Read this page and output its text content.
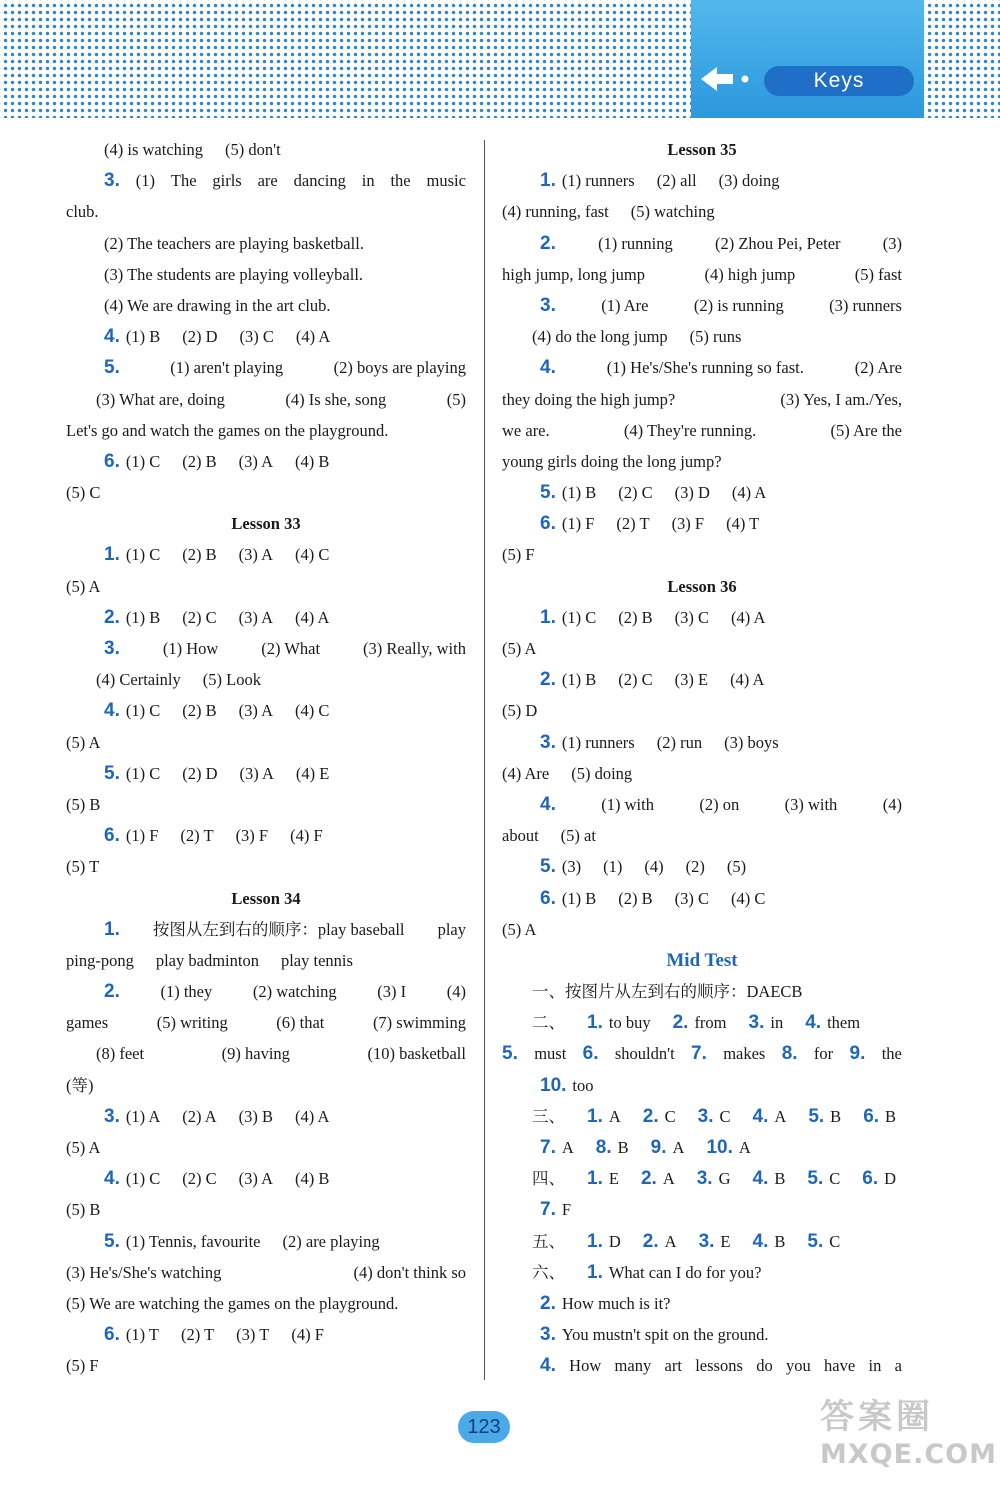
Keys
(4) is watching (5) don't
3. (1) The girls are dancing in the music
club.
(2) The teachers are playing basketball.
(3) The students are playing volleyball.
(4) We are drawing in the art club.
4. (1) B (2) D (3) C (4) A
5.	(1) aren't playing	(2) boys are playing
(3) What are, doing	(4) Is she, song	(5)
Let's go and watch the games on the playground.
6. (1) C (2) B (3) A (4) B
(5) C
Lesson 33
1. (1) C (2) B (3) A (4) C
(5) A
2. (1) B (2) C (3) A (4) A
3.	(1) How	(2) What	(3) Really, with
(4) Certainly (5) Look
4. (1) C (2) B (3) A (4) C
(5) A
5. (1) C (2) D (3) A (4) E
(5) B
6. (1) F (2) T (3) F (4) F
(5) T
Lesson 34
1. 按图从左到右的顺序：play baseball play
ping-pong play badminton play tennis
2. (1) they (2) watching (3) I (4)
games	(5) writing	(6) that	(7) swimming
(8) feet	(9) having	(10) basketball
(等)
3. (1) A (2) A (3) B (4) A
(5) A
4. (1) C (2) C (3) A (4) B
(5) B
5. (1) Tennis, favourite (2) are playing
(3) He's/She's watching	(4) don't think so
(5) We are watching the games on the playground.
6. (1) T (2) T (3) T (4) F
(5) F
Lesson 35
1. (1) runners (2) all (3) doing
(4) running, fast (5) watching
2.	(1) running	(2) Zhou Pei, Peter	(3)
high jump, long jump	(4) high jump	(5) fast
3.	(1) Are	(2) is running	(3) runners
(4) do the long jump (5) runs
4.	(1) He's/She's running so fast.	(2) Are
they doing the high jump?	(3) Yes, I am./Yes,
we are.	(4) They're running.	(5) Are the
young girls doing the long jump?
5. (1) B (2) C (3) D (4) A
6. (1) F (2) T (3) F (4) T
(5) F
Lesson 36
1. (1) C (2) B (3) C (4) A
(5) A
2. (1) B (2) C (3) E (4) A
(5) D
3. (1) runners (2) run (3) boys
(4) Are (5) doing
4.	(1) with	(2) on	(3) with	(4)
about (5) at
5. (3) (1) (4) (2) (5)
6. (1) B (2) B (3) C (4) C
(5) A
Mid Test
一、按图片从左到右的顺序：DAECB
二、 1. to buy 2. from 3. in 4. them
5. must 6. shouldn't 7. makes 8. for 9. the
10. too
三、 1. A 2. C 3. C 4. A 5. B 6. B
7. A 8. B 9. A 10. A
四、 1. E 2. A 3. G 4. B 5. C 6. D
7. F
五、 1. D 2. A 3. E 4. B 5. C
六、 1. What can I do for you?
2. How much is it?
3. You mustn't spit on the ground.
4. How many art lessons do you have in a
123	答案圈
MXQE.COM
